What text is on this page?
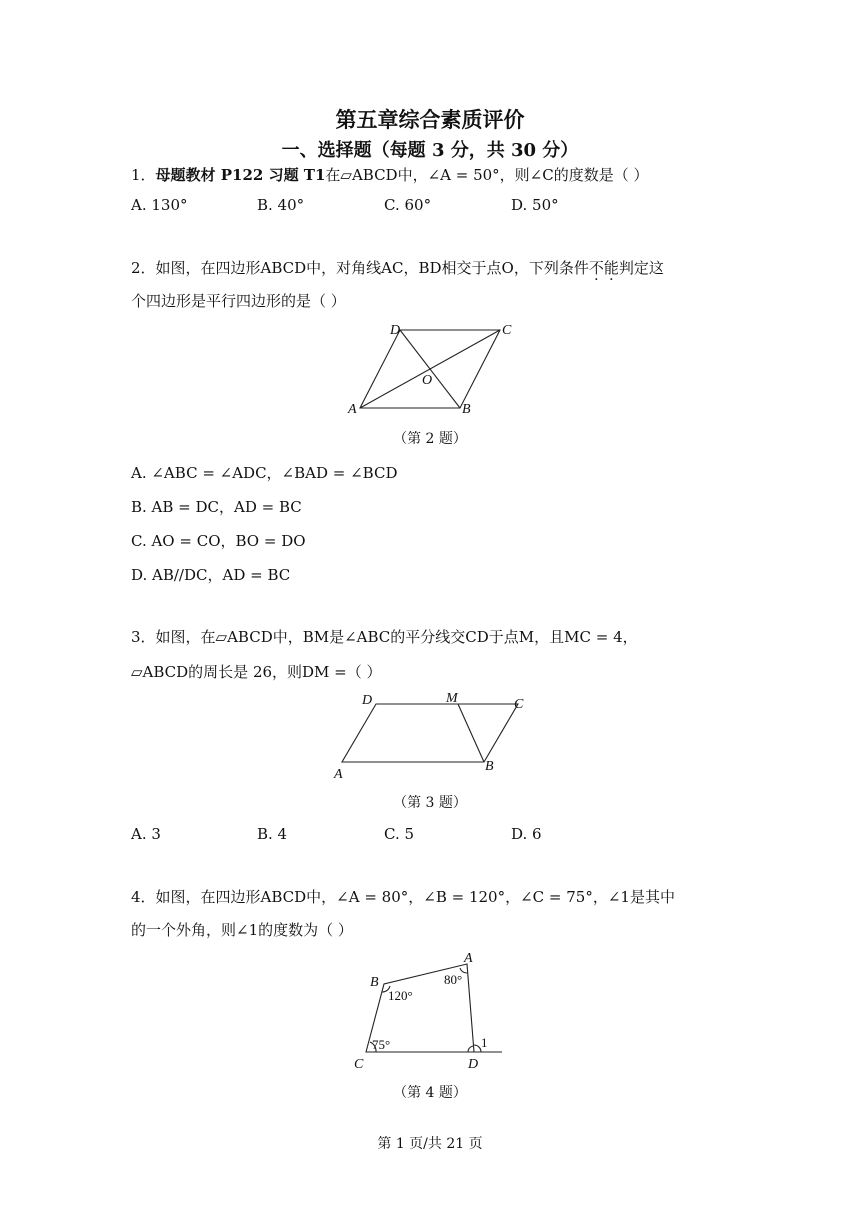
第五章综合素质评价
一、选择题（每题 3 分，共 30 分）
1．母题教材 P122 习题 T1在⏥ABCD中，∠A = 50°，则∠C的度数是（ ）
A. 130°	B. 40°	C. 60°	D. 50°
2．如图，在四边形ABCD中，对角线AC，BD相交于点O，下列条件不能判定这
个四边形是平行四边形的是（ ）
A	B
C
D
O
（第 2 题）
A. ∠ABC = ∠ADC，∠BAD = ∠BCD
B. AB = DC，AD = BC
C. AO = CO，BO = DO
D. AB//DC，AD = BC
3．如图，在⏥ABCD中，BM是∠ABC的平分线交CD于点M，且MC = 4，
⏥ABCD的周长是 26，则DM =（ ）
A
B
C
D	M
（第 3 题）
A. 3	B. 4	C. 5	D. 6
4．如图，在四边形ABCD中，∠A = 80°，∠B = 120°，∠C = 75°，∠1是其中
的一个外角，则∠1的度数为（ ）
C
B
A
D
80°
120°
75°	1
（第 4 题）
第 1 页/共 21 页
